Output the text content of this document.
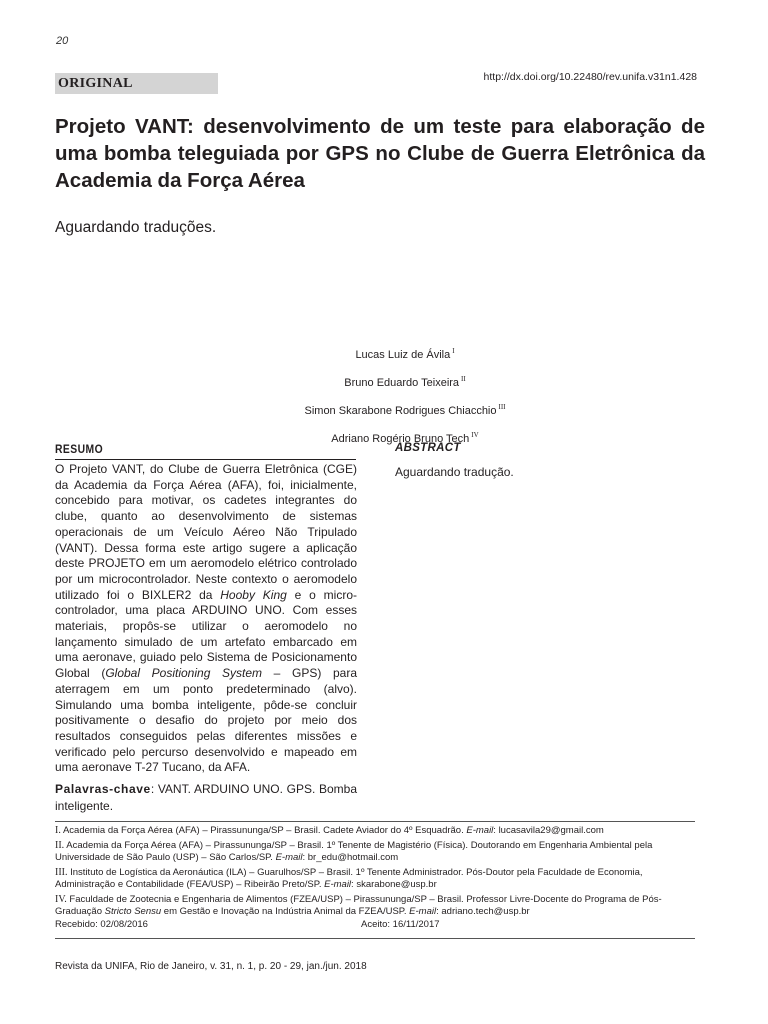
20
ORIGINAL	http://dx.doi.org/10.22480/rev.unifa.v31n1.428
Projeto VANT: desenvolvimento de um teste para elaboração de uma bomba teleguiada por GPS no Clube de Guerra Eletrônica da Academia da Força Aérea
Aguardando traduções.
Lucas Luiz de Ávila $^I$
Bruno Eduardo Teixeira $^{II}$
Simon Skarabone Rodrigues Chiacchio $^{III}$
Adriano Rogério Bruno Tech $^{IV}$
RESUMO

O Projeto VANT, do Clube de Guerra Eletrônica (CGE) da Academia da Força Aérea (AFA), foi, inicialmente, concebido para motivar, os cadetes integrantes do clube, quanto ao desenvolvimento de sistemas operacionais de um Veículo Aéreo Não Tripulado (VANT). Dessa forma este artigo sugere a aplicação deste PROJETO em um aeromodelo elétrico controlado por um microcontrolador. Neste contexto o aeromodelo utilizado foi o BIXLER2 da Hooby King e o micro-controlador, uma placa ARDUINO UNO. Com esses materiais, propôs-se utilizar o aeromodelo no lançamento simulado de um artefato embarcado em uma aeronave, guiado pelo Sistema de Posicionamento Global (Global Positioning System – GPS) para aterragem em um ponto predeterminado (alvo). Simulando uma bomba inteligente, pôde-se concluir positivamente o desafio do projeto por meio dos resultados conseguidos pelas diferentes missões e verificado pelo percurso desenvolvido e mapeado em uma aeronave T-27 Tucano, da AFA.

Palavras-chave: VANT. ARDUINO UNO. GPS. Bomba inteligente.

ABSTRACT
Aguardando tradução.

I. Academia da Força Aérea (AFA) – Pirassununga/SP – Brasil. Cadete Aviador do 4º Esquadrão. E-mail: lucasavila29@gmail.com

II. Academia da Força Aérea (AFA) – Pirassununga/SP – Brasil. 1º Tenente de Magistério (Física). Doutorando em Engenharia Ambiental pela Universidade de São Paulo (USP) – São Carlos/SP. E-mail: br_edu@hotmail.com

III. Instituto de Logística da Aeronáutica (ILA) – Guarulhos/SP – Brasil. 1º Tenente Administrador. Pós-Doutor pela Faculdade de Economia, Administração e Contabilidade (FEA/USP) – Ribeirão Preto/SP. E-mail: skarabone@usp.br

IV. Faculdade de Zootecnia e Engenharia de Alimentos (FZEA/USP) – Pirassununga/SP – Brasil. Professor Livre-Docente do Programa de Pós-Graduação Stricto Sensu em Gestão e Inovação na Indústria Animal da FZEA/USP. E-mail: adriano.tech@usp.br

Recebido: 02/08/2016	Aceito: 16/11/2017
Revista da UNIFA, Rio de Janeiro, v. 31, n. 1, p. 20 - 29, jan./jun. 2018
